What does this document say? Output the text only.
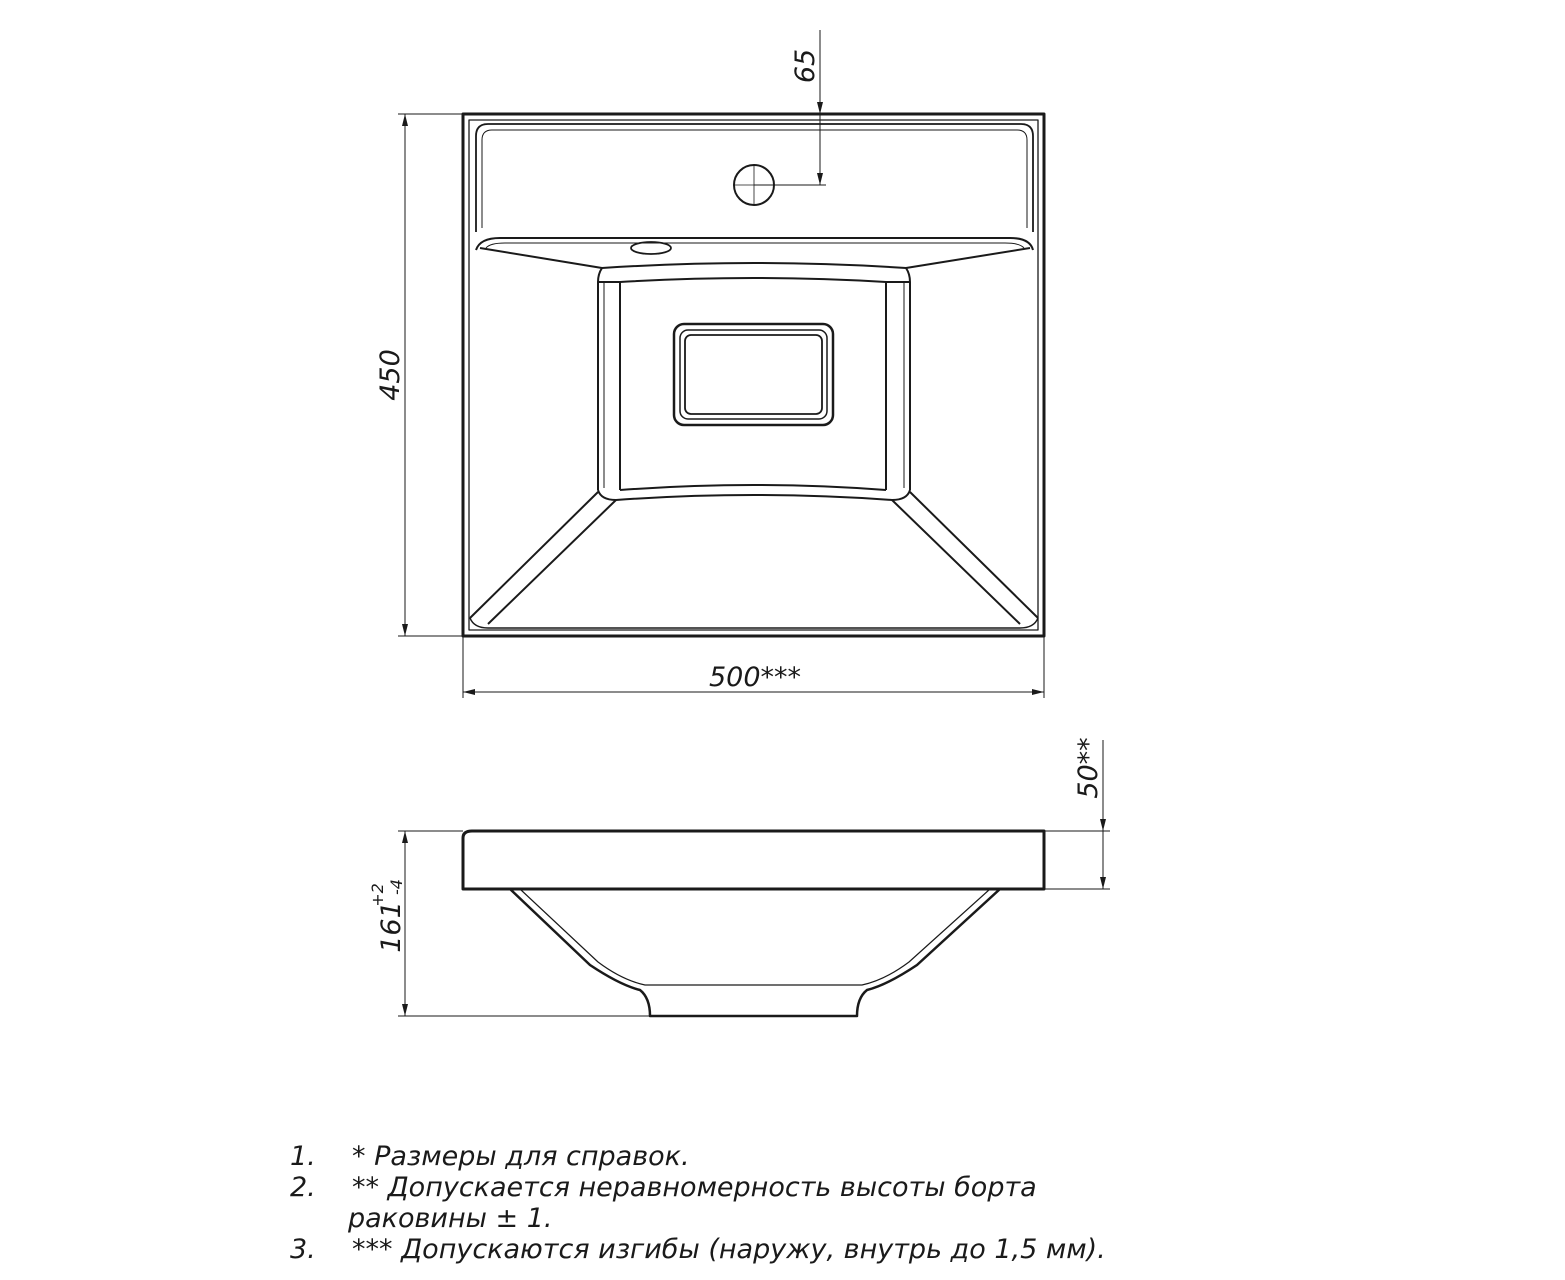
65
450
500***
50**
161
+2 -4
1. * Размеры для справок.
2. ** Допускается неравномерность высоты борта
раковины ± 1.
3. *** Допускаются изгибы (наружу, внутрь до 1,5 мм).
